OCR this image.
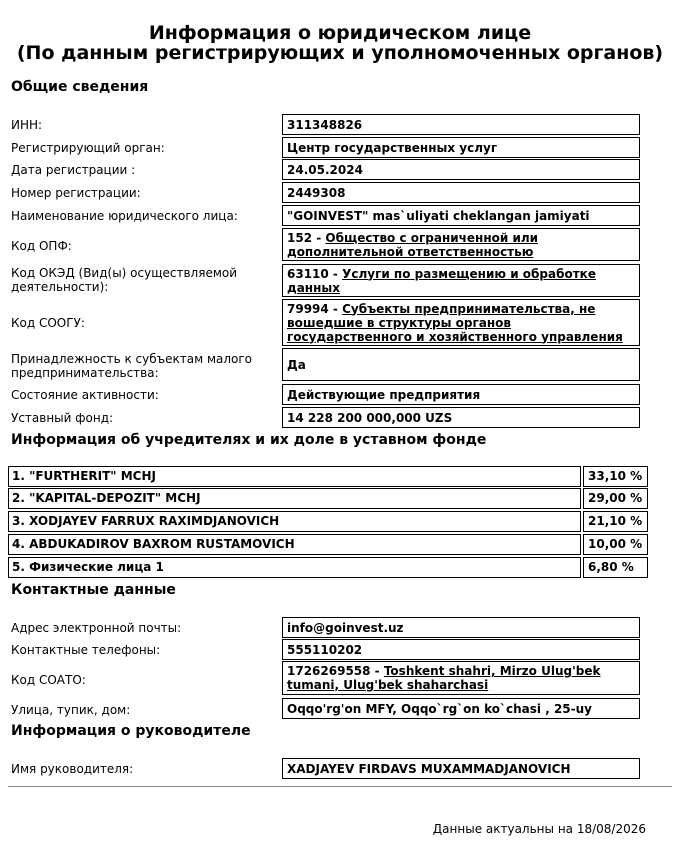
Информация о юридическом лице
(По данным регистрирующих и уполномоченных органов)
Общие сведения
ИНН:	311348826
Регистрирующий орган:	Центр государственных услуг
Дата регистрации :	24.05.2024
Номер регистрации:	2449308
Наименование юридического лица:	"GOINVEST" mas`uliyati cheklangan jamiyati
Код ОПФ:
152 - Общество с ограниченной или дополнительной ответственностью
Код ОКЭД (Вид(ы) осуществляемой деятельности):
63110 - Услуги по размещению и обработке данных
Код СООГУ:
79994 - Субъекты предпринимательства, не вошедшие в структуры органов государственного и хозяйственного управления
Принадлежность к субъектам малого предпринимательства:
Да
Состояние активности:	Действующие предприятия
Уставный фонд:	14 228 200 000,000 UZS
Информация об учредителях и их доле в уставном фонде
1. "FURTHERIT" MCHJ	33,10 %
2. "KAPITAL-DEPOZIT" MCHJ	29,00 %
3. XODJAYEV FARRUX RAXIMDJANOVICH	21,10 %
4. ABDUKADIROV BAXROM RUSTAMOVICH	10,00 %
5. Физические лица 1	6,80 %
Контактные данные
Адрес электронной почты:	info@goinvest.uz
Контактные телефоны:	555110202
Код СОАТО:
1726269558 - Toshkent shahri, Mirzo Ulug'bek tumani, Ulug'bek shaharchasi
Улица, тупик, дом:	Oqqo'rg'on MFY, Oqqo`rg`on ko`chasi , 25-uy
Информация о руководителе
Имя руководителя:	XADJAYEV FIRDAVS MUXAMMADJANOVICH
Данные актуальны на 18/08/2026
